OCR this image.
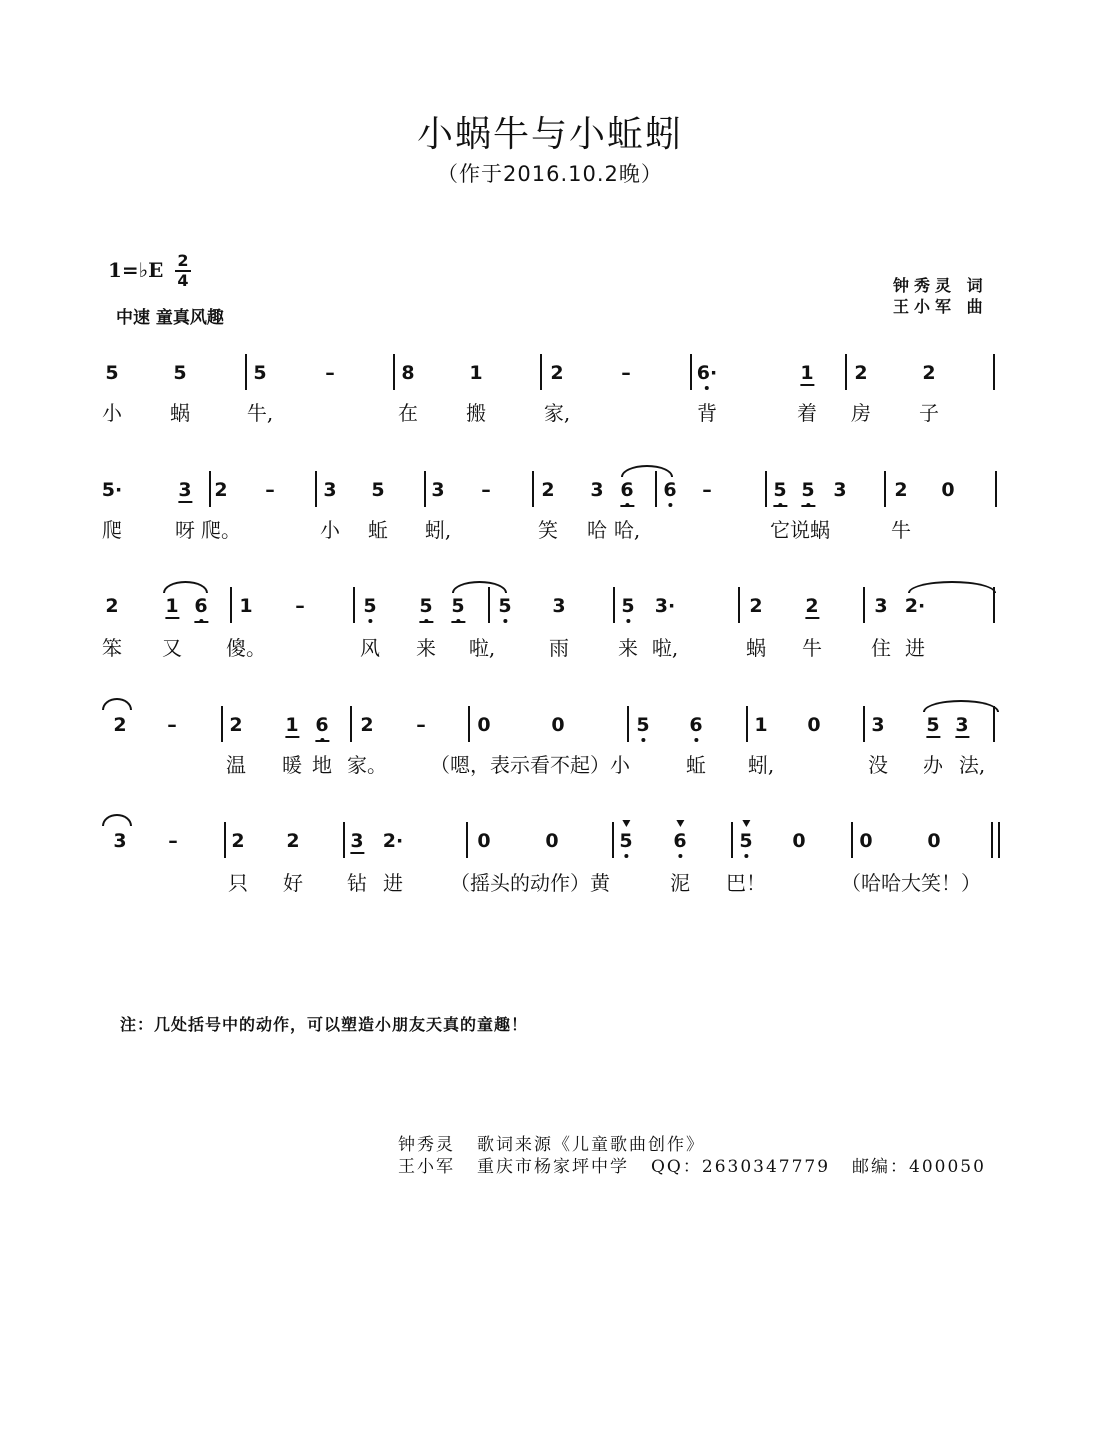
小蜗牛与小蚯蚓
（作于2016.10.2晚）
1=♭E 2
4
中速 童真风趣
钟秀灵 词
王小军 曲
5	5	5	–	8	1	2	–	6·	1 2	2
小 蜗	牛,	在 搬	家,	背	着 房 子
5·	3 2 –	3 5 3 –	2 3 6 6 –	5 5 3	2 0
爬	呀 爬。	小 蚯 蚓,	笑 哈 哈,	它说蜗	牛
2 1 6 1 –	5 5 5 5 3	5 3·	2 2	3 2·
笨 又 傻。	风 来 啦,	雨 来 啦,	蜗 牛 住 进
2 –	2 1 6 2 –	0	0	5 6	1 0	3 5 3
温 暖 地 家。 （嗯，表示看不起）小	蚯 蚓,	没 办 法,
3 –	2 2	3 2·	0	0	5 6	5 0	0	0
只 好 钻 进 （摇头的动作）黄	泥 巴！	（哈哈大笑！）
注：几处括号中的动作，可以塑造小朋友天真的童趣！
钟秀灵 歌词来源《儿童歌曲创作》
王小军 重庆市杨家坪中学 QQ：2630347779 邮编：400050
